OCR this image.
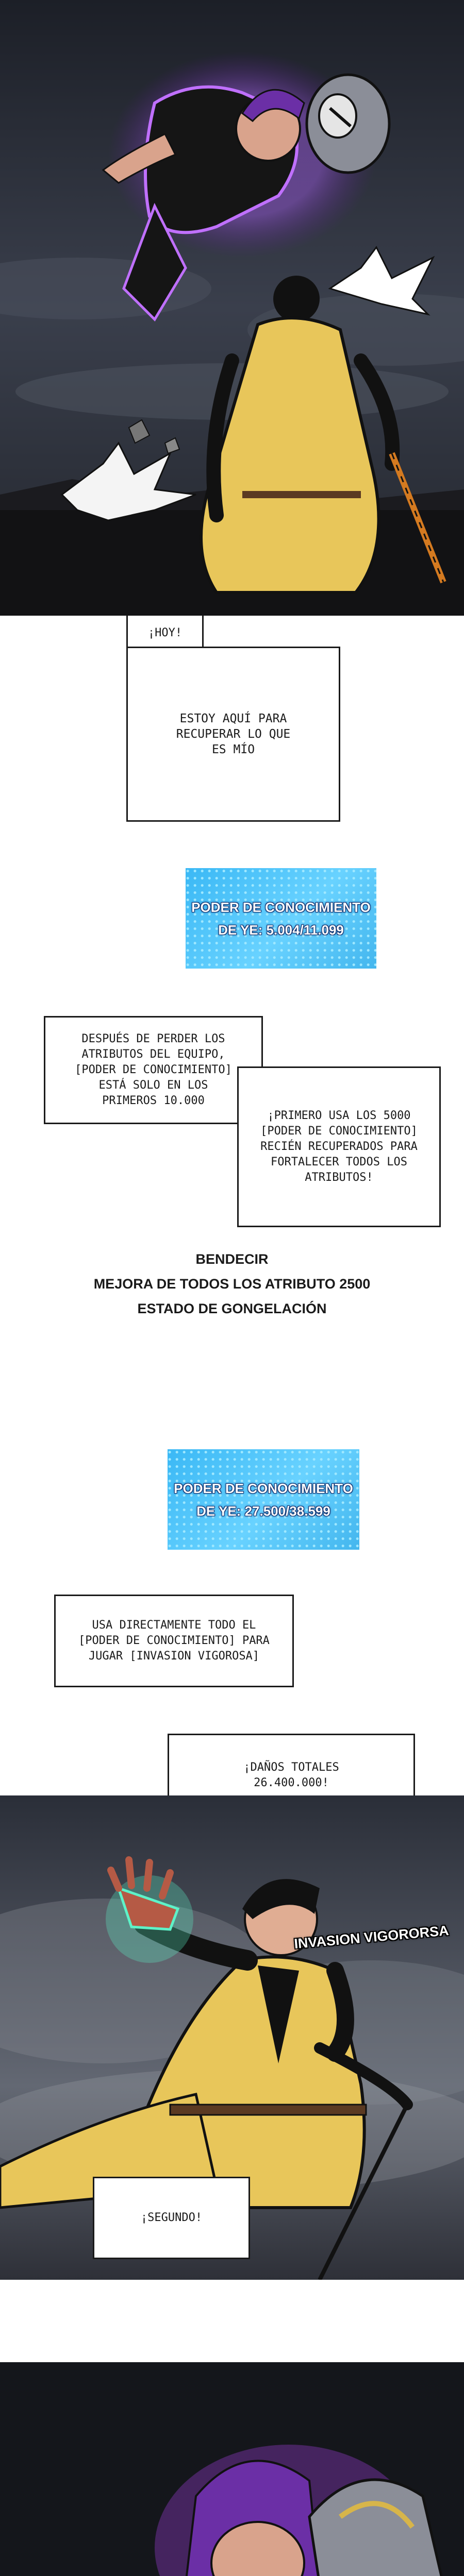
¡HOY!
ESTOY AQUÍ PARA
RECUPERAR LO QUE
ES MÍO
PODER DE CONOCIMIENTO
DE YE: 5.004/11.099
DESPUÉS DE PERDER LOS
ATRIBUTOS DEL EQUIPO,
[PODER DE CONOCIMIENTO]
ESTÁ SOLO EN LOS
PRIMEROS 10.000
¡PRIMERO USA LOS 5000
[PODER DE CONOCIMIENTO]
RECIÉN RECUPERADOS PARA
FORTALECER TODOS LOS
ATRIBUTOS!
BENDECIR
MEJORA DE TODOS LOS ATRIBUTO 2500
ESTADO DE GONGELACIÓN
PODER DE CONOCIMIENTO
DE YE: 27.500/38.599
USA DIRECTAMENTE TODO EL
[PODER DE CONOCIMIENTO] PARA
JUGAR [INVASION VIGOROSA]
¡DAÑOS TOTALES
26.400.000!
INVASION VIGORORSA
¡SEGUNDO!
